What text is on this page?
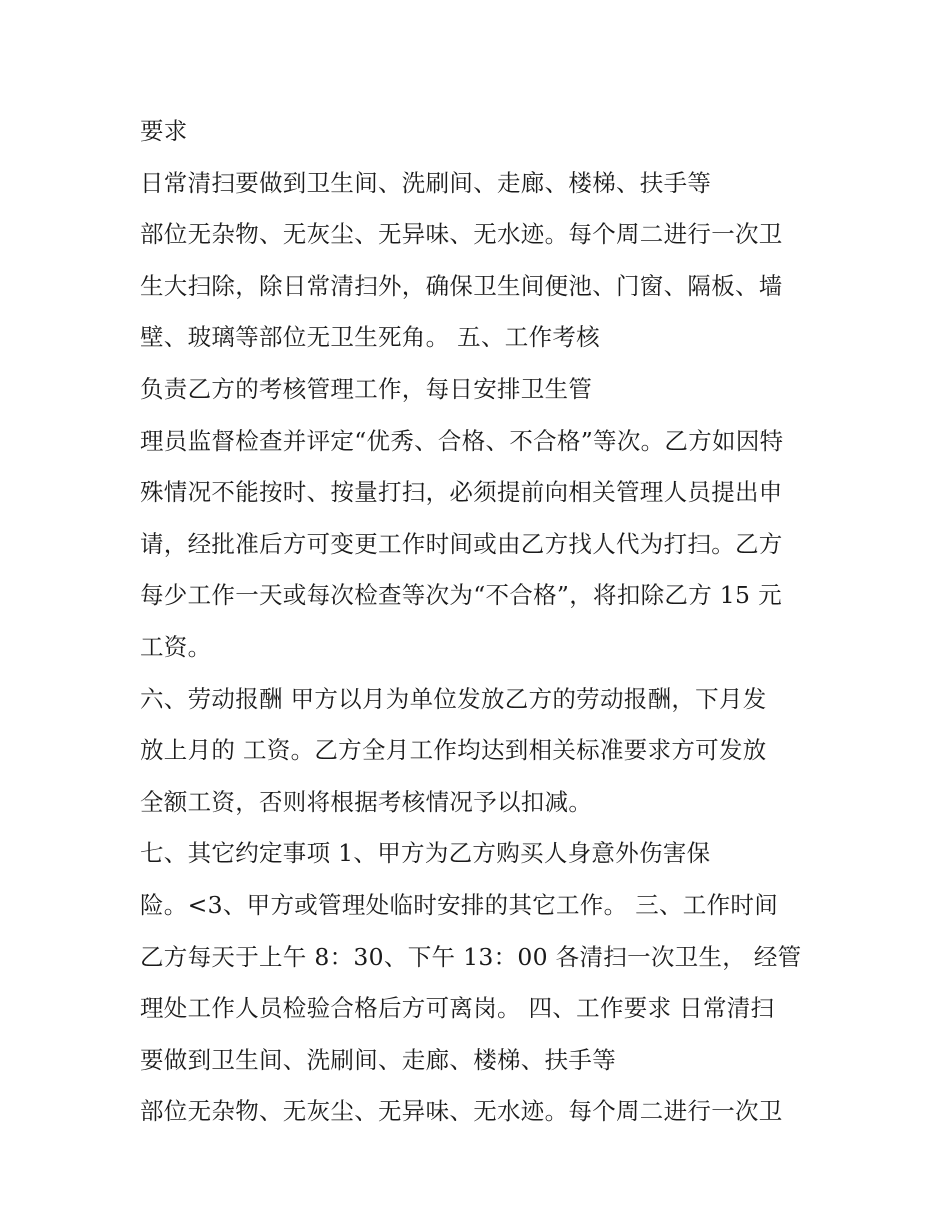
要求
日常清扫要做到卫生间、洗刷间、走廊、楼梯、扶手等
部位无杂物、无灰尘、无异味、无水迹。每个周二进行一次卫
生大扫除，除日常清扫外，确保卫生间便池、门窗、隔板、墙
壁、玻璃等部位无卫生死角。 五、工作考核
负责乙方的考核管理工作，每日安排卫生管
理员监督检查并评定“优秀、合格、不合格”等次。乙方如因特
殊情况不能按时、按量打扫，必须提前向相关管理人员提出申
请，经批准后方可变更工作时间或由乙方找人代为打扫。乙方
每少工作一天或每次检查等次为“不合格”，将扣除乙方 15 元
工资。
六、劳动报酬 甲方以月为单位发放乙方的劳动报酬，下月发
放上月的 工资。乙方全月工作均达到相关标准要求方可发放
全额工资，否则将根据考核情况予以扣减。
七、其它约定事项 1、甲方为乙方购买人身意外伤害保
险。<3、甲方或管理处临时安排的其它工作。 三、工作时间
乙方每天于上午 8：30、下午 13：00 各清扫一次卫生， 经管
理处工作人员检验合格后方可离岗。 四、工作要求 日常清扫
要做到卫生间、洗刷间、走廊、楼梯、扶手等
部位无杂物、无灰尘、无异味、无水迹。每个周二进行一次卫
